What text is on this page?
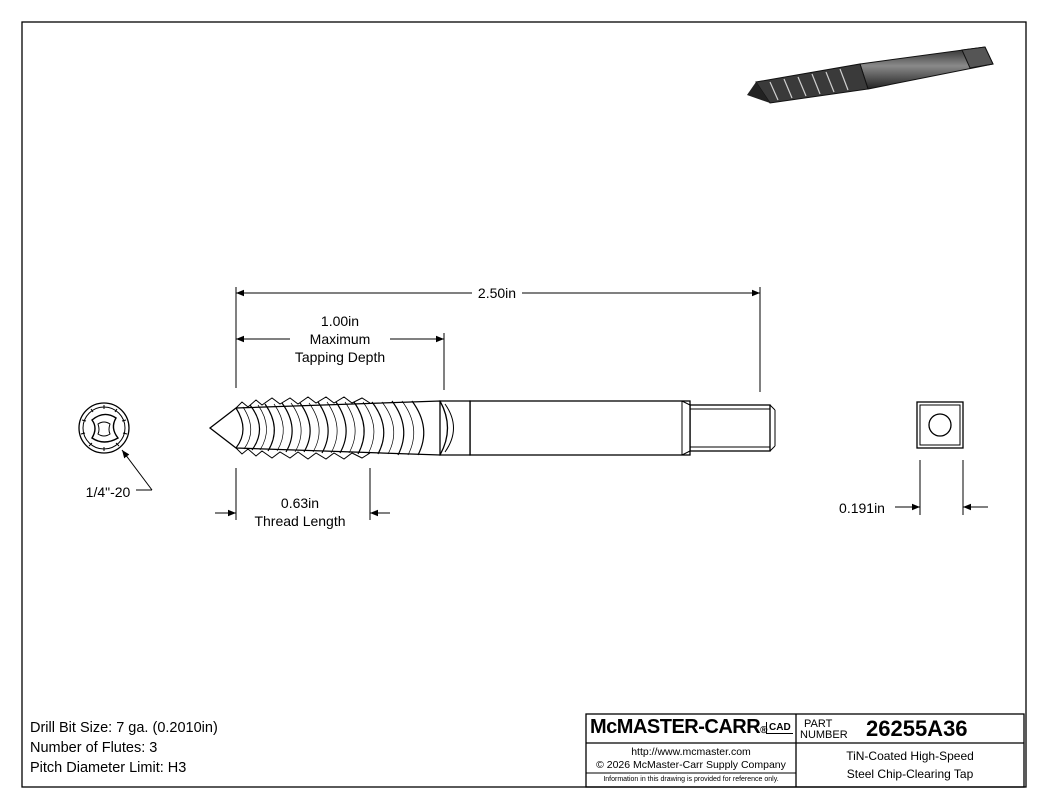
2.50in
1.00in
Maximum
Tapping Depth
0.63in
Thread Length
0.191in
1/4"-20
Drill Bit Size: 7 ga. (0.2010in)
Number of Flutes: 3
Pitch Diameter Limit: H3
McMASTER-CARR® CAD PART
NUMBER 26255A36
http://www.mcmaster.com
© 2026 McMaster-Carr Supply Company
Information in this drawing is provided for reference only.
TiN-Coated High-Speed
Steel Chip-Clearing Tap
